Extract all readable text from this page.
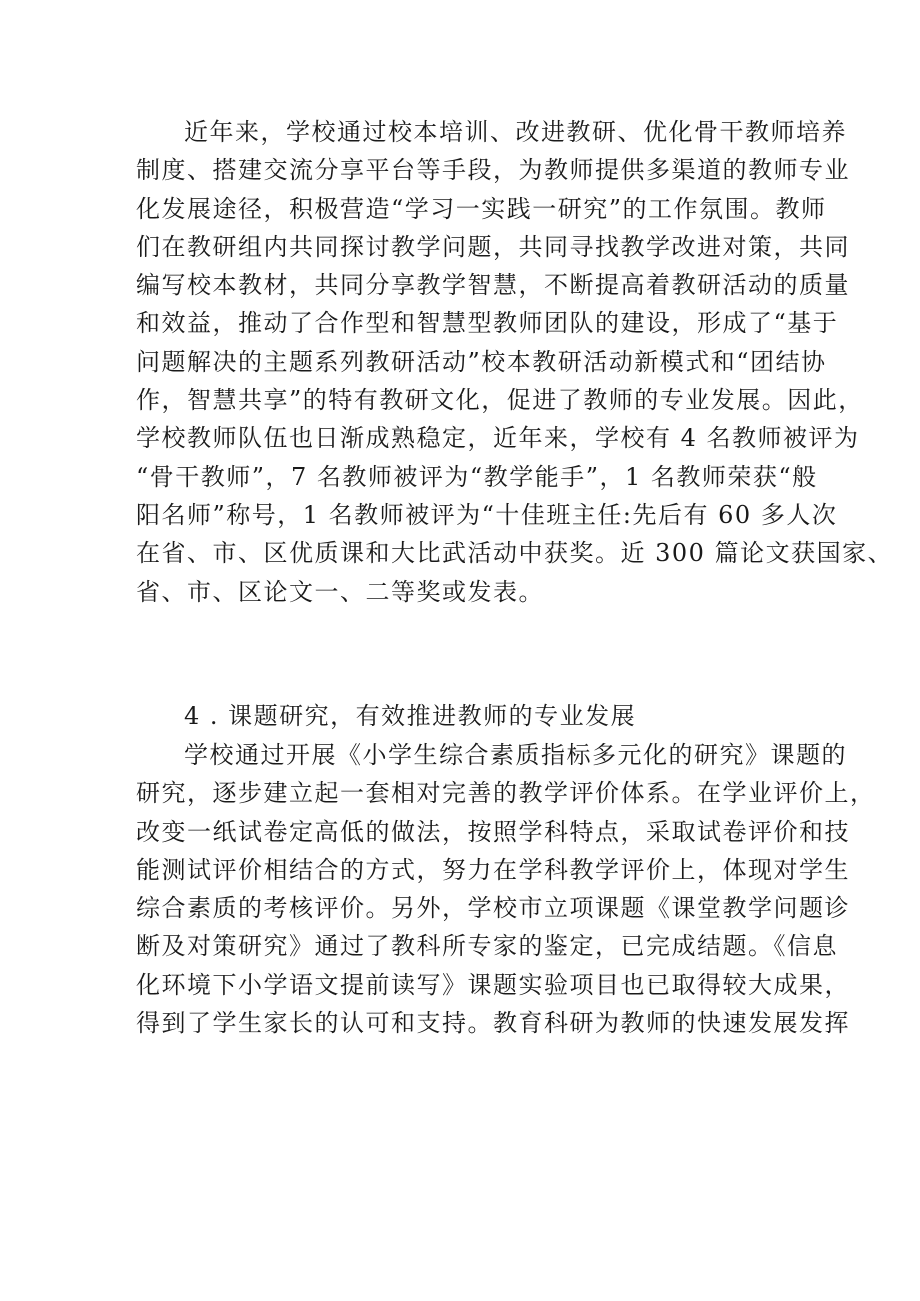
近年来，学校通过校本培训、改进教研、优化骨干教师培养
制度、搭建交流分享平台等手段，为教师提供多渠道的教师专业
化发展途径，积极营造“学习一实践一研究”的工作氛围。教师
们在教研组内共同探讨教学问题，共同寻找教学改进对策，共同
编写校本教材，共同分享教学智慧，不断提高着教研活动的质量
和效益，推动了合作型和智慧型教师团队的建设，形成了“基于
问题解决的主题系列教研活动”校本教研活动新模式和“团结协
作，智慧共享”的特有教研文化，促进了教师的专业发展。因此，
学校教师队伍也日渐成熟稳定，近年来，学校有 4 名教师被评为
“骨干教师”，7 名教师被评为“教学能手”，1 名教师荣获“般
阳名师”称号，1 名教师被评为“十佳班主任:先后有 60 多人次
在省、市、区优质课和大比武活动中获奖。近 300 篇论文获国家、
省、市、区论文一、二等奖或发表。
4 . 课题研究，有效推进教师的专业发展
学校通过开展《小学生综合素质指标多元化的研究》课题的
研究，逐步建立起一套相对完善的教学评价体系。在学业评价上，
改变一纸试卷定高低的做法，按照学科特点，采取试卷评价和技
能测试评价相结合的方式，努力在学科教学评价上，体现对学生
综合素质的考核评价。另外，学校市立项课题《课堂教学问题诊
断及对策研究》通过了教科所专家的鉴定，已完成结题。《信息
化环境下小学语文提前读写》课题实验项目也已取得较大成果，
得到了学生家长的认可和支持。教育科研为教师的快速发展发挥
